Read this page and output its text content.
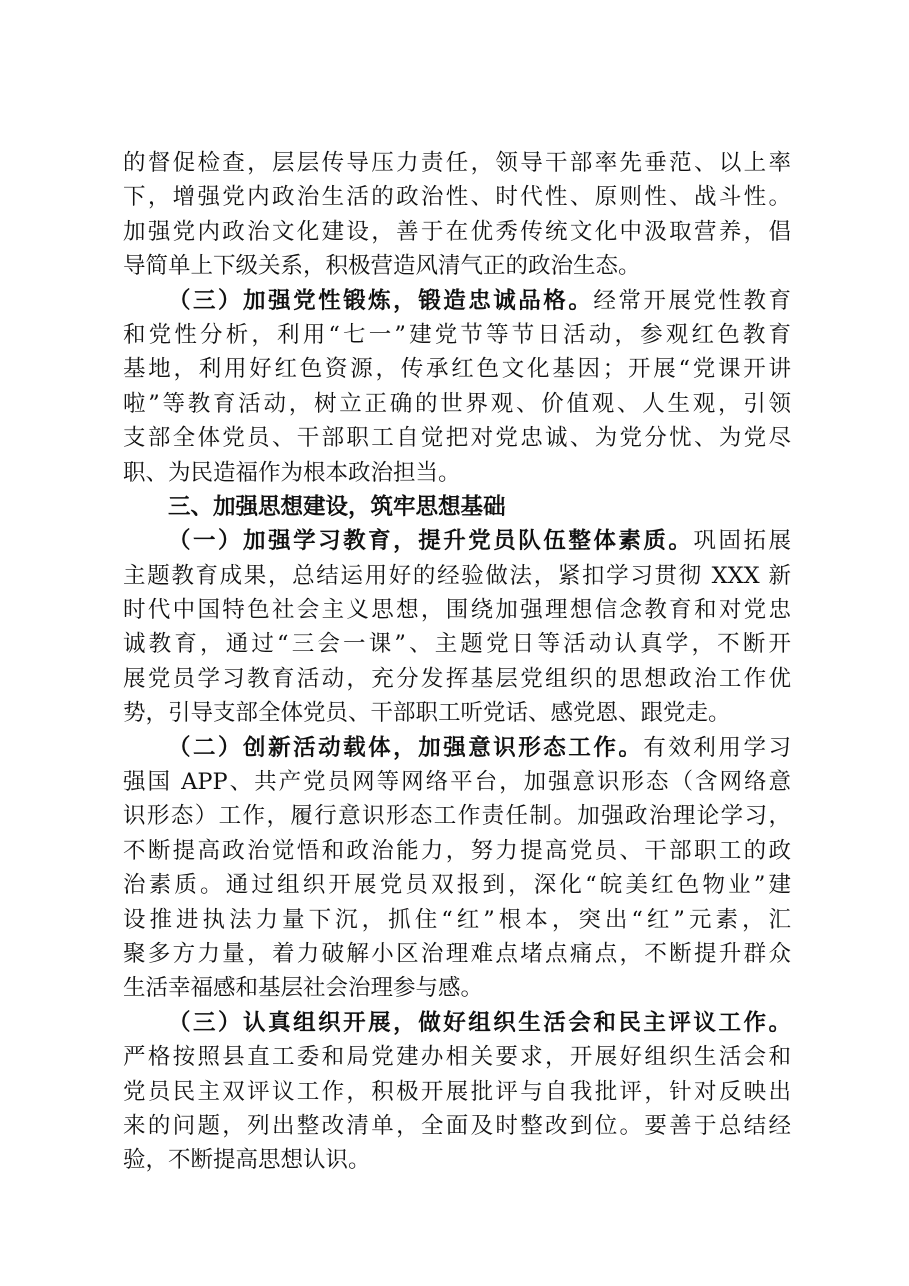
的督促检查，层层传导压力责任，领导干部率先垂范、以上率
下，增强党内政治生活的政治性、时代性、原则性、战斗性。
加强党内政治文化建设，善于在优秀传统文化中汲取营养，倡
导简单上下级关系，积极营造风清气正的政治生态。
（三）加强党性锻炼，锻造忠诚品格。经常开展党性教育
和党性分析，利用“七一”建党节等节日活动，参观红色教育
基地，利用好红色资源，传承红色文化基因；开展“党课开讲
啦”等教育活动，树立正确的世界观、价值观、人生观，引领
支部全体党员、干部职工自觉把对党忠诚、为党分忧、为党尽
职、为民造福作为根本政治担当。
三、加强思想建设，筑牢思想基础
（一）加强学习教育，提升党员队伍整体素质。巩固拓展
主题教育成果，总结运用好的经验做法，紧扣学习贯彻 XXX 新
时代中国特色社会主义思想，围绕加强理想信念教育和对党忠
诚教育，通过“三会一课”、主题党日等活动认真学，不断开
展党员学习教育活动，充分发挥基层党组织的思想政治工作优
势，引导支部全体党员、干部职工听党话、感党恩、跟党走。
（二）创新活动载体，加强意识形态工作。有效利用学习
强国 APP、共产党员网等网络平台，加强意识形态（含网络意
识形态）工作，履行意识形态工作责任制。加强政治理论学习，
不断提高政治觉悟和政治能力，努力提高党员、干部职工的政
治素质。通过组织开展党员双报到，深化“皖美红色物业”建
设推进执法力量下沉，抓住“红”根本，突出“红”元素，汇
聚多方力量，着力破解小区治理难点堵点痛点，不断提升群众
生活幸福感和基层社会治理参与感。
（三）认真组织开展，做好组织生活会和民主评议工作。
严格按照县直工委和局党建办相关要求，开展好组织生活会和
党员民主双评议工作，积极开展批评与自我批评，针对反映出
来的问题，列出整改清单，全面及时整改到位。要善于总结经
验，不断提高思想认识。
